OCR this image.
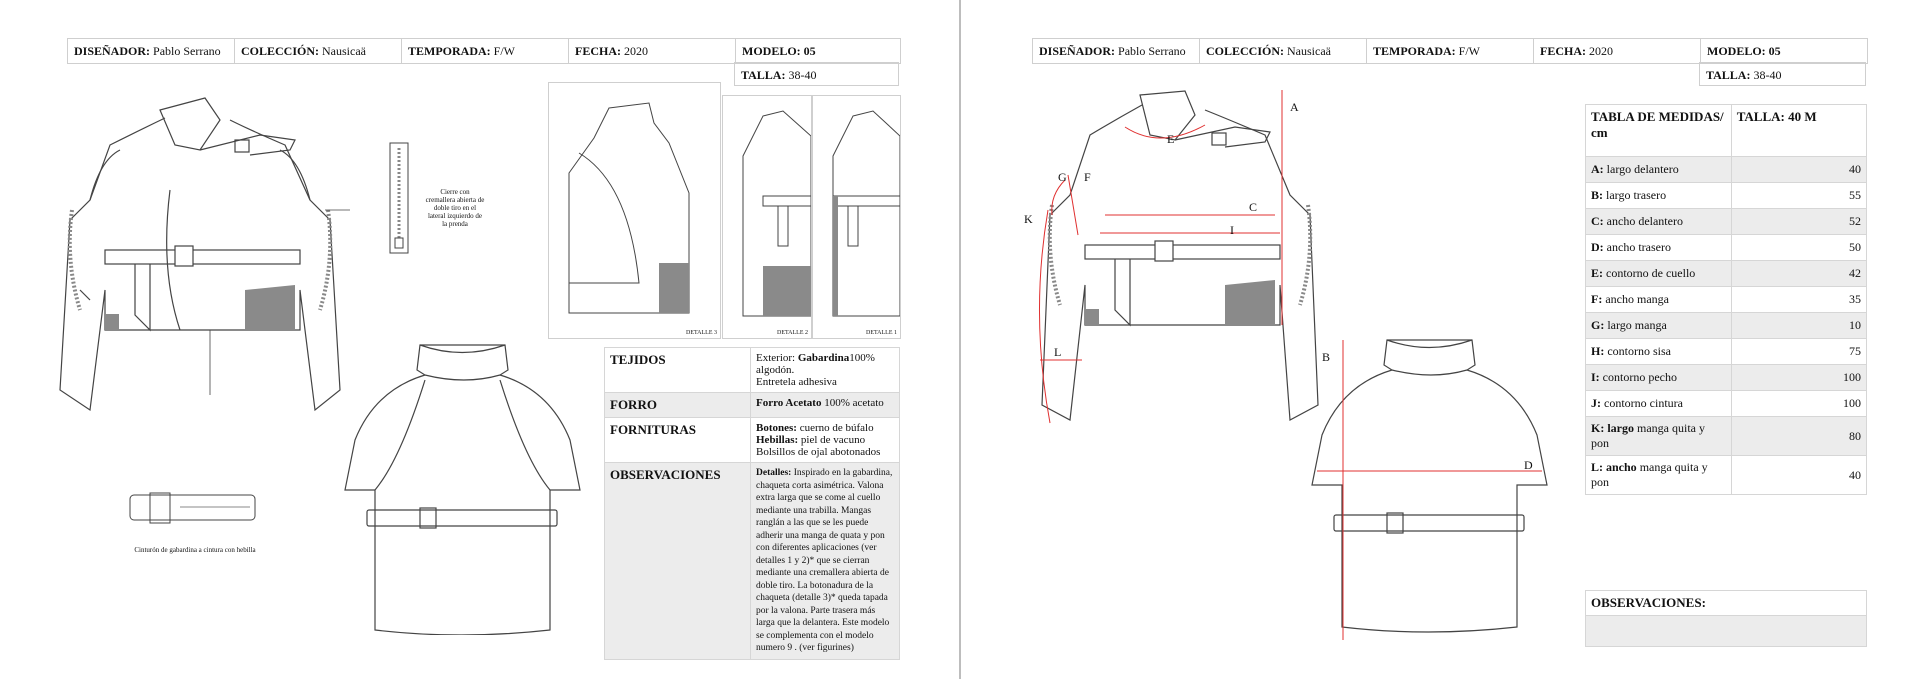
DISEÑADOR: Pablo Serrano	COLECCIÓN: Nausicaä	TEMPORADA: F/W	FECHA: 2020	MODELO: 05
TALLA: 38-40
Cierre con cremallera abierta de doble tiro en el lateral izquierdo de la prenda
Cinturón de gabardina a cintura con hebilla
DETALLE 3	DETALLE 2	DETALLE 1
TEJIDOS	Exterior: Gabardina100% algodón.
Entretela adhesiva
FORRO	Forro Acetato 100% acetato
FORNITURAS	Botones: cuerno de búfalo
Hebillas: piel de vacuno
Bolsillos de ojal abotonados
OBSERVACIONES	Detalles: Inspirado en la gabardina, chaqueta corta asimétrica. Valona extra larga que se come al cuello mediante una trabilla. Mangas ranglán a las que se les puede adherir una manga de quata y pon con diferentes aplicaciones (ver detalles 1 y 2)* que se cierran mediante una cremallera abierta de doble tiro. La botonadura de la chaqueta (detalle 3)* queda tapada por la valona. Parte trasera más larga que la delantera. Este modelo se complementa con el modelo numero 9 . (ver figurines)
DISEÑADOR: Pablo Serrano	COLECCIÓN: Nausicaä	TEMPORADA: F/W	FECHA: 2020	MODELO: 05
TALLA: 38-40
A
E
C
I
F
G
K
L	B
D
TABLA DE MEDIDAS/ cm	TALLA: 40 M
A: largo delantero	40
B: largo trasero	55
C: ancho delantero	52
D: ancho trasero	50
E: contorno de cuello	42
F: ancho manga	35
G: largo manga	10
H: contorno sisa	75
I: contorno pecho	100
J: contorno cintura	100
K: largo manga quita y pon	80
L: ancho manga quita y pon	40
OBSERVACIONES:
